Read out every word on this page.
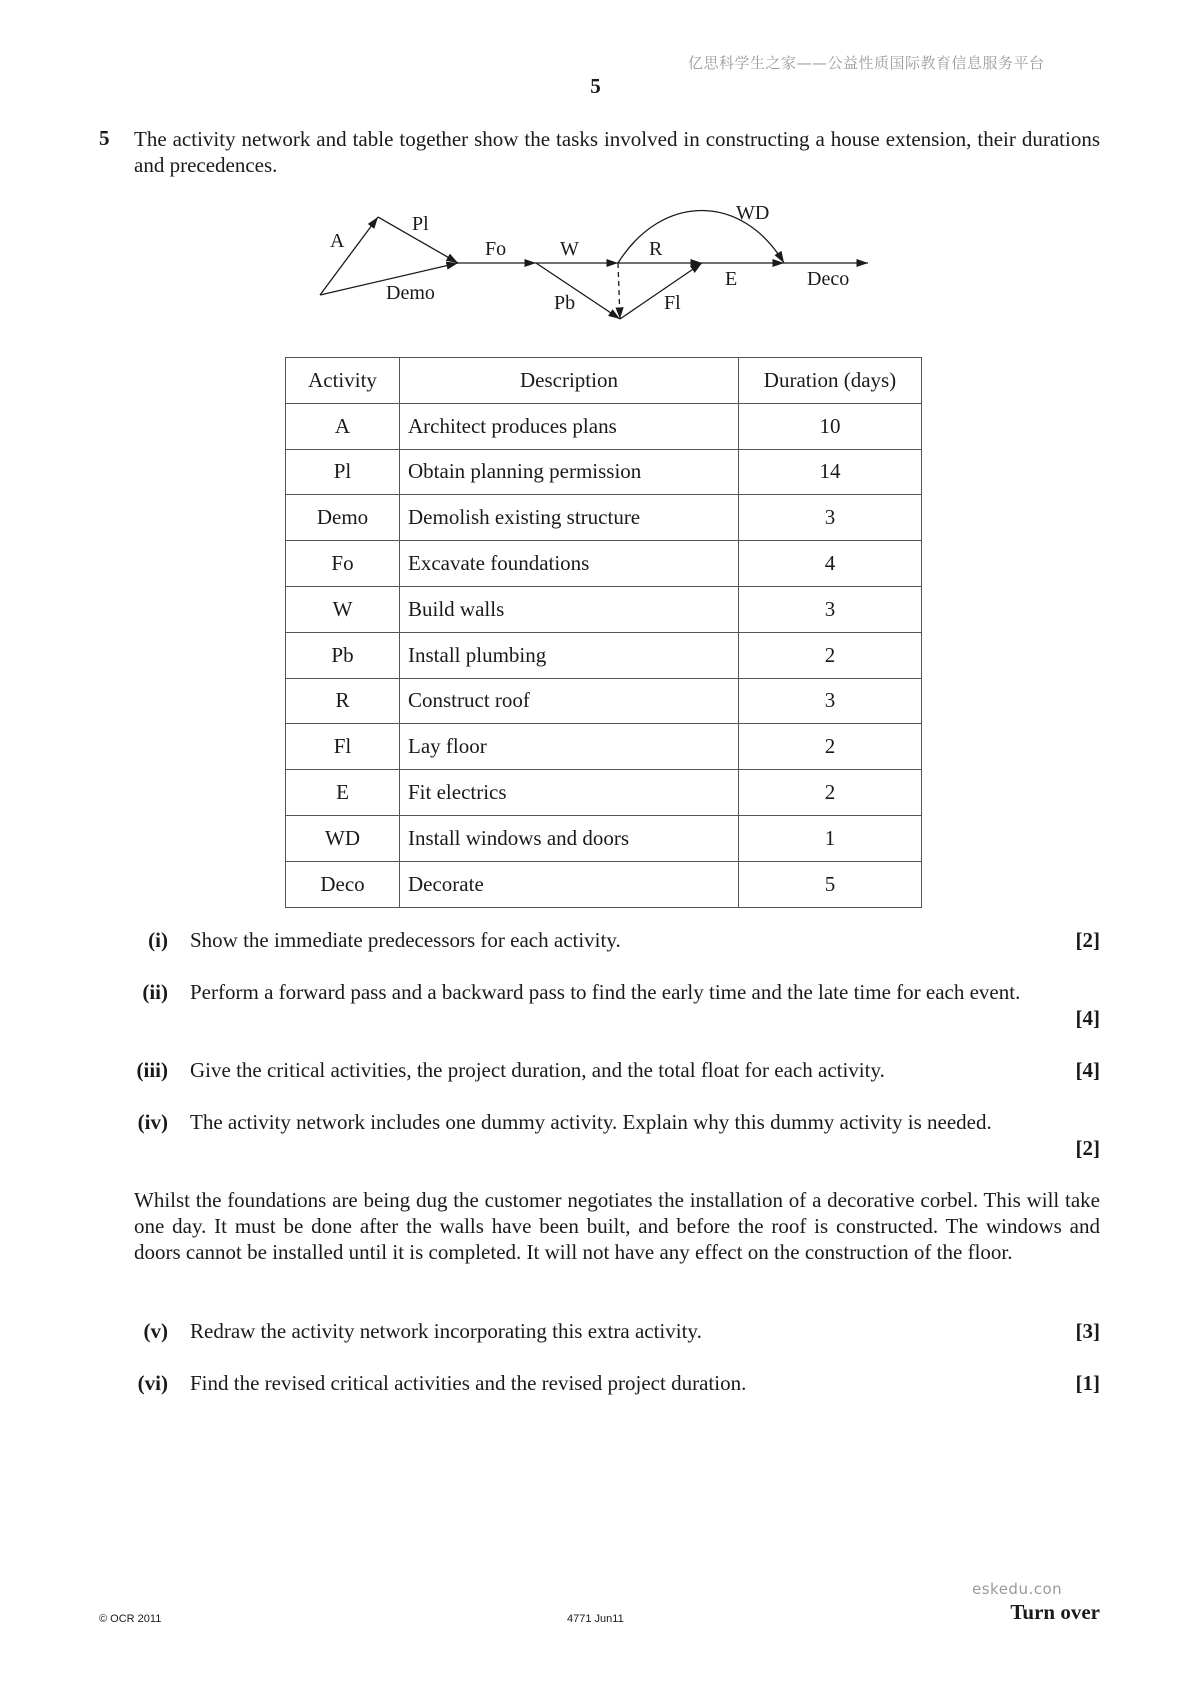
亿思科学生之家——公益性质国际教育信息服务平台
5
5 The activity network and table together show the tasks involved in constructing a house extension, their durations and precedences.
A
Pl
Demo
Fo	W
Pb
R
Fl
WD
E	Deco
Activity	Description	Duration (days)
A	Architect produces plans	10
Pl	Obtain planning permission	14
Demo	Demolish existing structure	3
Fo	Excavate foundations	4
W	Build walls	3
Pb	Install plumbing	2
R	Construct roof	3
Fl	Lay floor	2
E	Fit electrics	2
WD	Install windows and doors	1
Deco	Decorate	5
(i) Show the immediate predecessors for each activity.	[2]
(ii) Perform a forward pass and a backward pass to find the early time and the late time for each event.
[4]
(iii) Give the critical activities, the project duration, and the total float for each activity.	[4]
(iv) The activity network includes one dummy activity. Explain why this dummy activity is needed.
[2]
Whilst the foundations are being dug the customer negotiates the installation of a decorative corbel. This will take one day. It must be done after the walls have been built, and before the roof is constructed. The windows and doors cannot be installed until it is completed. It will not have any effect on the construction of the floor.
(v) Redraw the activity network incorporating this extra activity.	[3]
(vi) Find the revised critical activities and the revised project duration.	[1]
eskedu.con
© OCR 2011	4771 Jun11	Turn over
